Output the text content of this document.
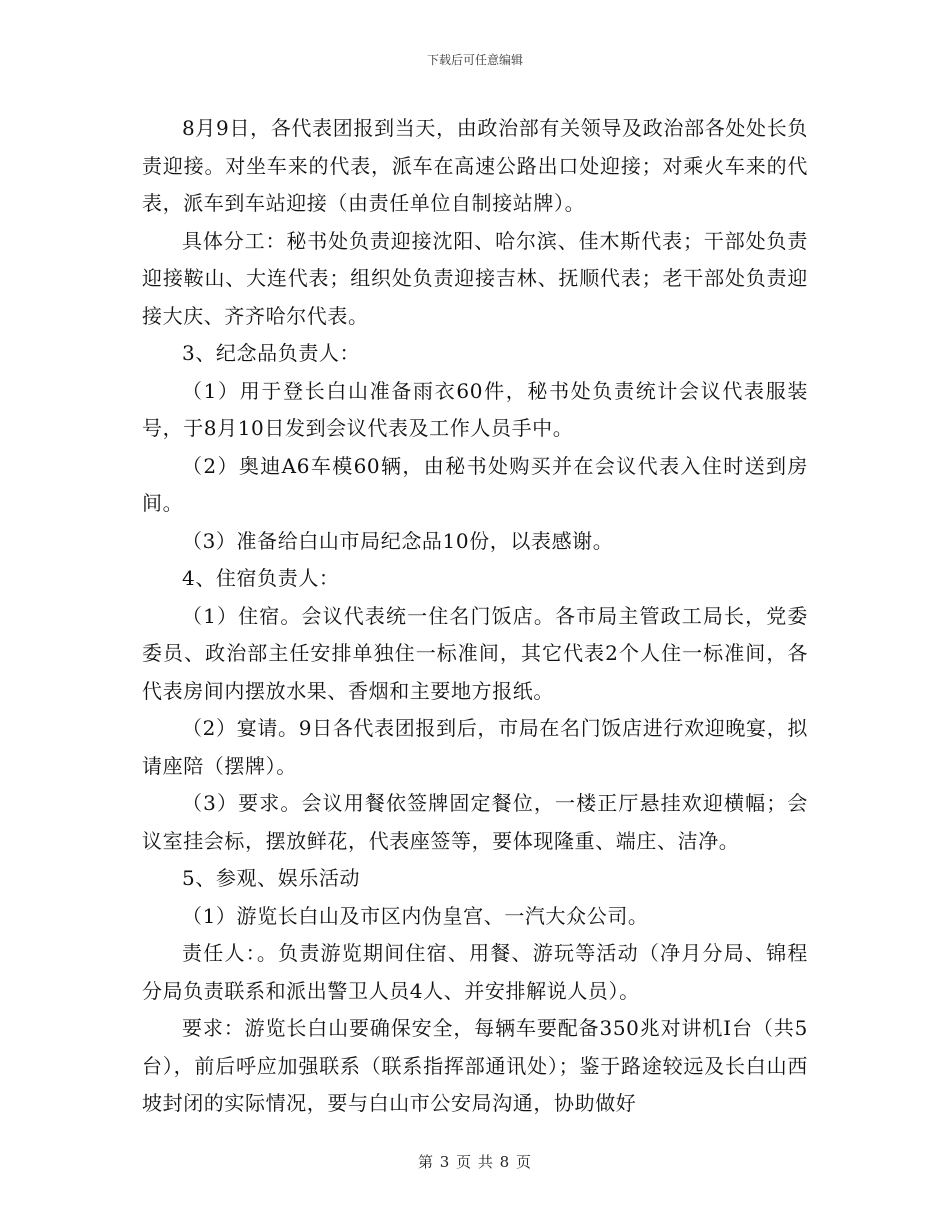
下载后可任意编辑

8月9日，各代表团报到当天，由政治部有关领导及政治部各处处长负责迎接。对坐车来的代表，派车在高速公路出口处迎接；对乘火车来的代表，派车到车站迎接（由责任单位自制接站牌）。

具体分工：秘书处负责迎接沈阳、哈尔滨、佳木斯代表；干部处负责迎接鞍山、大连代表；组织处负责迎接吉林、抚顺代表；老干部处负责迎接大庆、齐齐哈尔代表。

3、纪念品负责人：

（1）用于登长白山准备雨衣60件，秘书处负责统计会议代表服装号，于8月10日发到会议代表及工作人员手中。

（2）奥迪A6车模60辆，由秘书处购买并在会议代表入住时送到房间。

（3）准备给白山市局纪念品10份，以表感谢。

4、住宿负责人：

（1）住宿。会议代表统一住名门饭店。各市局主管政工局长，党委委员、政治部主任安排单独住一标准间，其它代表2个人住一标准间，各代表房间内摆放水果、香烟和主要地方报纸。

（2）宴请。9日各代表团报到后，市局在名门饭店进行欢迎晚宴，拟请座陪（摆牌）。

（3）要求。会议用餐依签牌固定餐位，一楼正厅悬挂欢迎横幅；会议室挂会标，摆放鲜花，代表座签等，要体现隆重、端庄、洁净。

5、参观、娱乐活动

（1）游览长白山及市区内伪皇宫、一汽大众公司。

责任人：。负责游览期间住宿、用餐、游玩等活动（净月分局、锦程分局负责联系和派出警卫人员4人、并安排解说人员）。

要求：游览长白山要确保安全，每辆车要配备350兆对讲机Ⅰ台（共5台），前后呼应加强联系（联系指挥部通讯处）；鉴于路途较远及长白山西坡封闭的实际情况，要与白山市公安局沟通，协助做好

第 3 页 共 8 页
